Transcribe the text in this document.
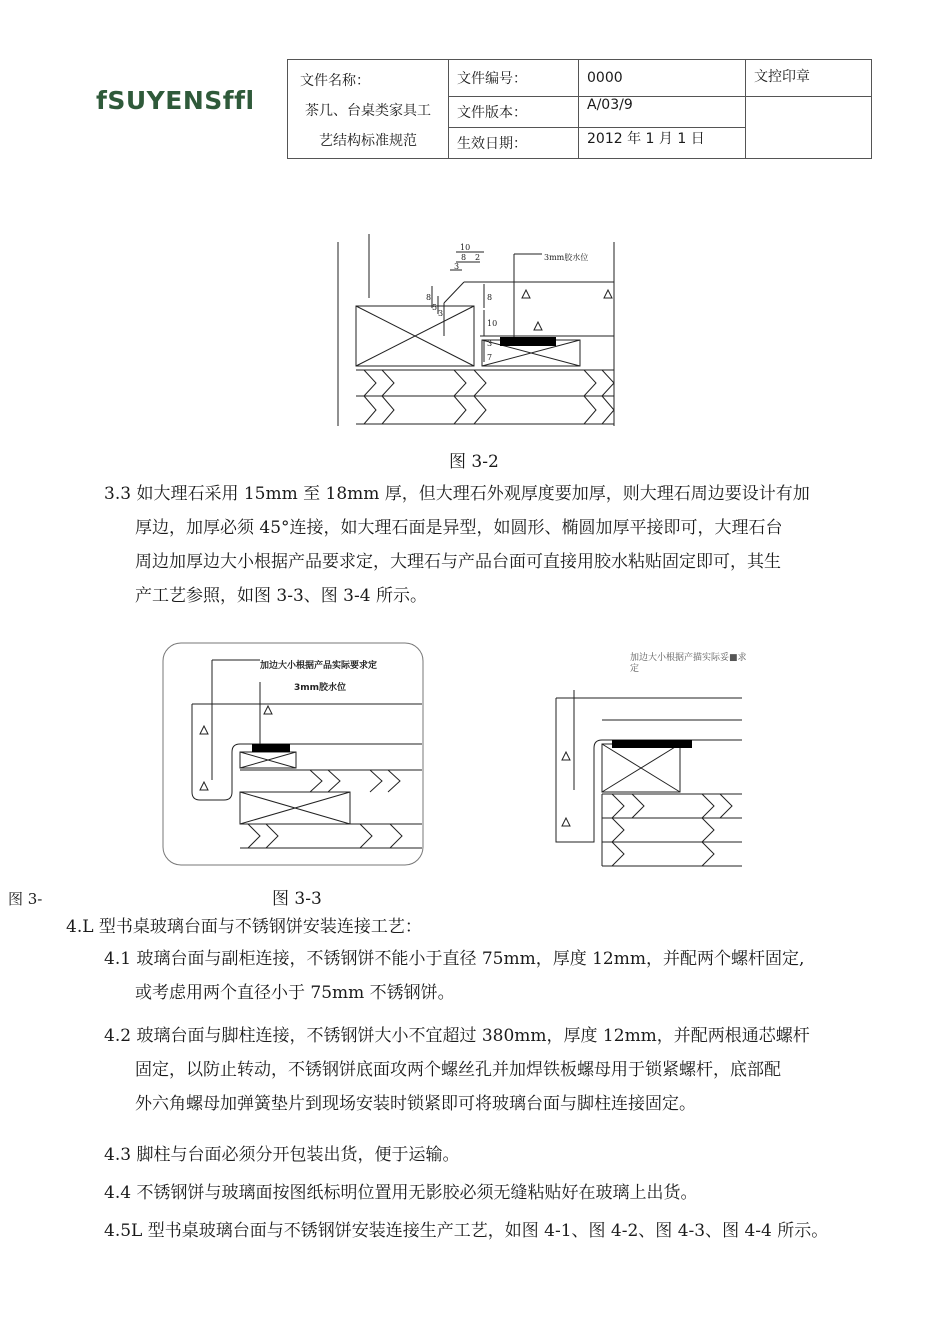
fSUYENSffl
文件名称：
茶几、台桌类家具工
艺结构标准规范	文件编号：	0000	文控印章
	文件版本：	A/03/9	
	生效日期：	2012 年 1 月 1 日	
10
8 2
3
8
5
3
8
10
3
7
3mm胶水位
图 3-2
3.3 如大理石采用 15mm 至 18mm 厚，但大理石外观厚度要加厚，则大理石周边要设计有加
厚边，加厚必须 45°连接，如大理石面是异型，如圆形、椭圆加厚平接即可，大理石台
周边加厚边大小根据产品要求定，大理石与产品台面可直接用胶水粘贴固定即可，其生
产工艺参照，如图 3-3、图 3-4 所示。
加边大小根据产品实际要求定
3mm胶水位
图 3-3
加边大小根据产描实际妥■求
定
图 3-
4.L 型书桌玻璃台面与不锈钢饼安装连接工艺：
4.1 玻璃台面与副柜连接，不锈钢饼不能小于直径 75mm，厚度 12mm，并配两个螺杆固定,
或考虑用两个直径小于 75mm 不锈钢饼。
4.2 玻璃台面与脚柱连接，不锈钢饼大小不宜超过 380mm，厚度 12mm，并配两根通芯螺杆
固定，以防止转动，不锈钢饼底面攻两个螺丝孔并加焊铁板螺母用于锁紧螺杆，底部配
外六角螺母加弹簧垫片到现场安装时锁紧即可将玻璃台面与脚柱连接固定。
4.3 脚柱与台面必须分开包装出货，便于运输。
4.4 不锈钢饼与玻璃面按图纸标明位置用无影胶必须无缝粘贴好在玻璃上出货。
4.5L 型书桌玻璃台面与不锈钢饼安装连接生产工艺，如图 4-1、图 4-2、图 4-3、图 4-4 所示。
